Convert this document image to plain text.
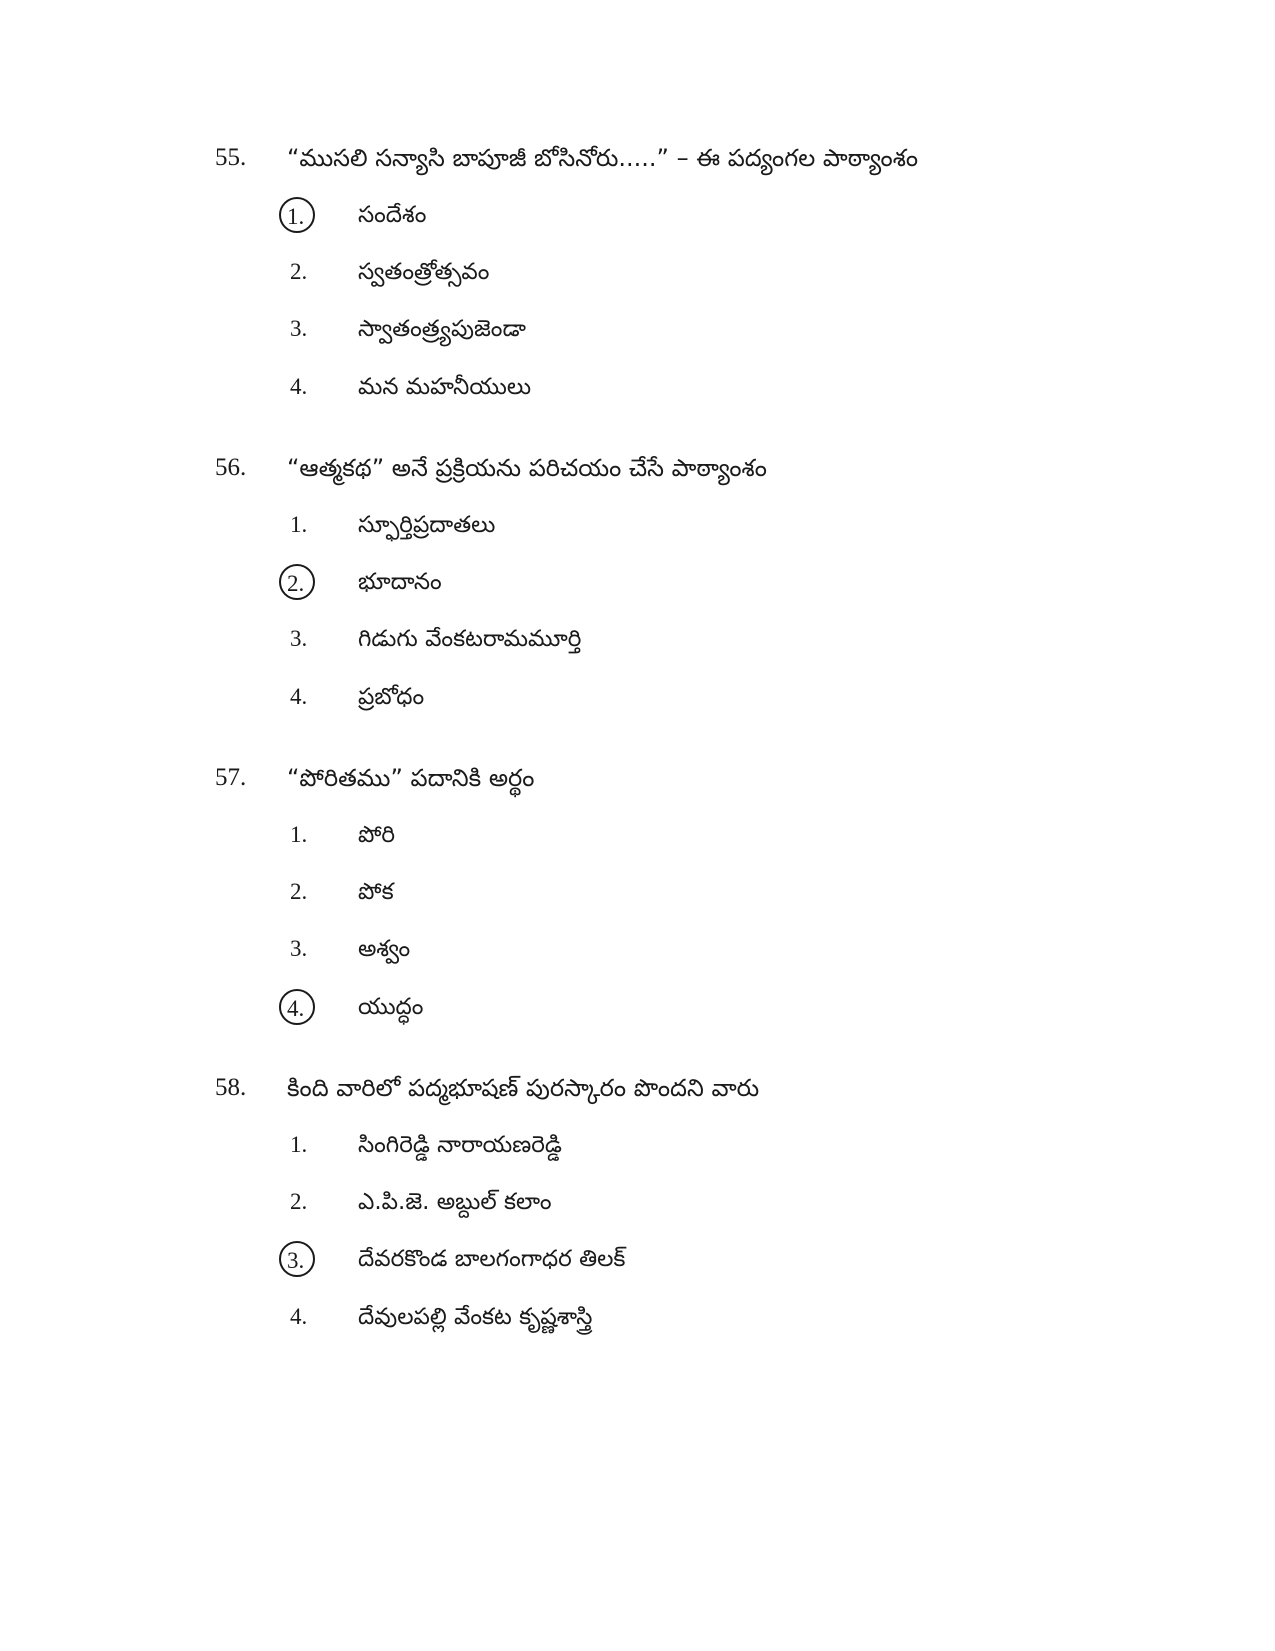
55. “ముసలి సన్యాసి బాపూజీ బోసినోరు.....” – ఈ పద్యంగల పాఠ్యాంశం
1.	సందేశం
2.	స్వతంత్రోత్సవం
3.	స్వాతంత్ర్యపుజెండా
4.	మన మహనీయులు
56. “ఆత్మకథ” అనే ప్రక్రియను పరిచయం చేసే పాఠ్యాంశం
1.	స్ఫూర్తిప్రదాతలు
2.	భూదానం
3.	గిడుగు వేంకటరామమూర్తి
4.	ప్రబోధం
57. “పోరితము” పదానికి అర్థం
1.	పోరి
2.	పోక
3.	అశ్వం
4.	యుద్ధం
58. కింది వారిలో పద్మభూషణ్ పురస్కారం పొందని వారు
1.	సింగిరెడ్డి నారాయణరెడ్డి
2.	ఎ.పి.జె. అబ్దుల్ కలాం
3.	దేవరకొండ బాలగంగాధర తిలక్
4.	దేవులపల్లి వేంకట కృష్ణశాస్త్రి
